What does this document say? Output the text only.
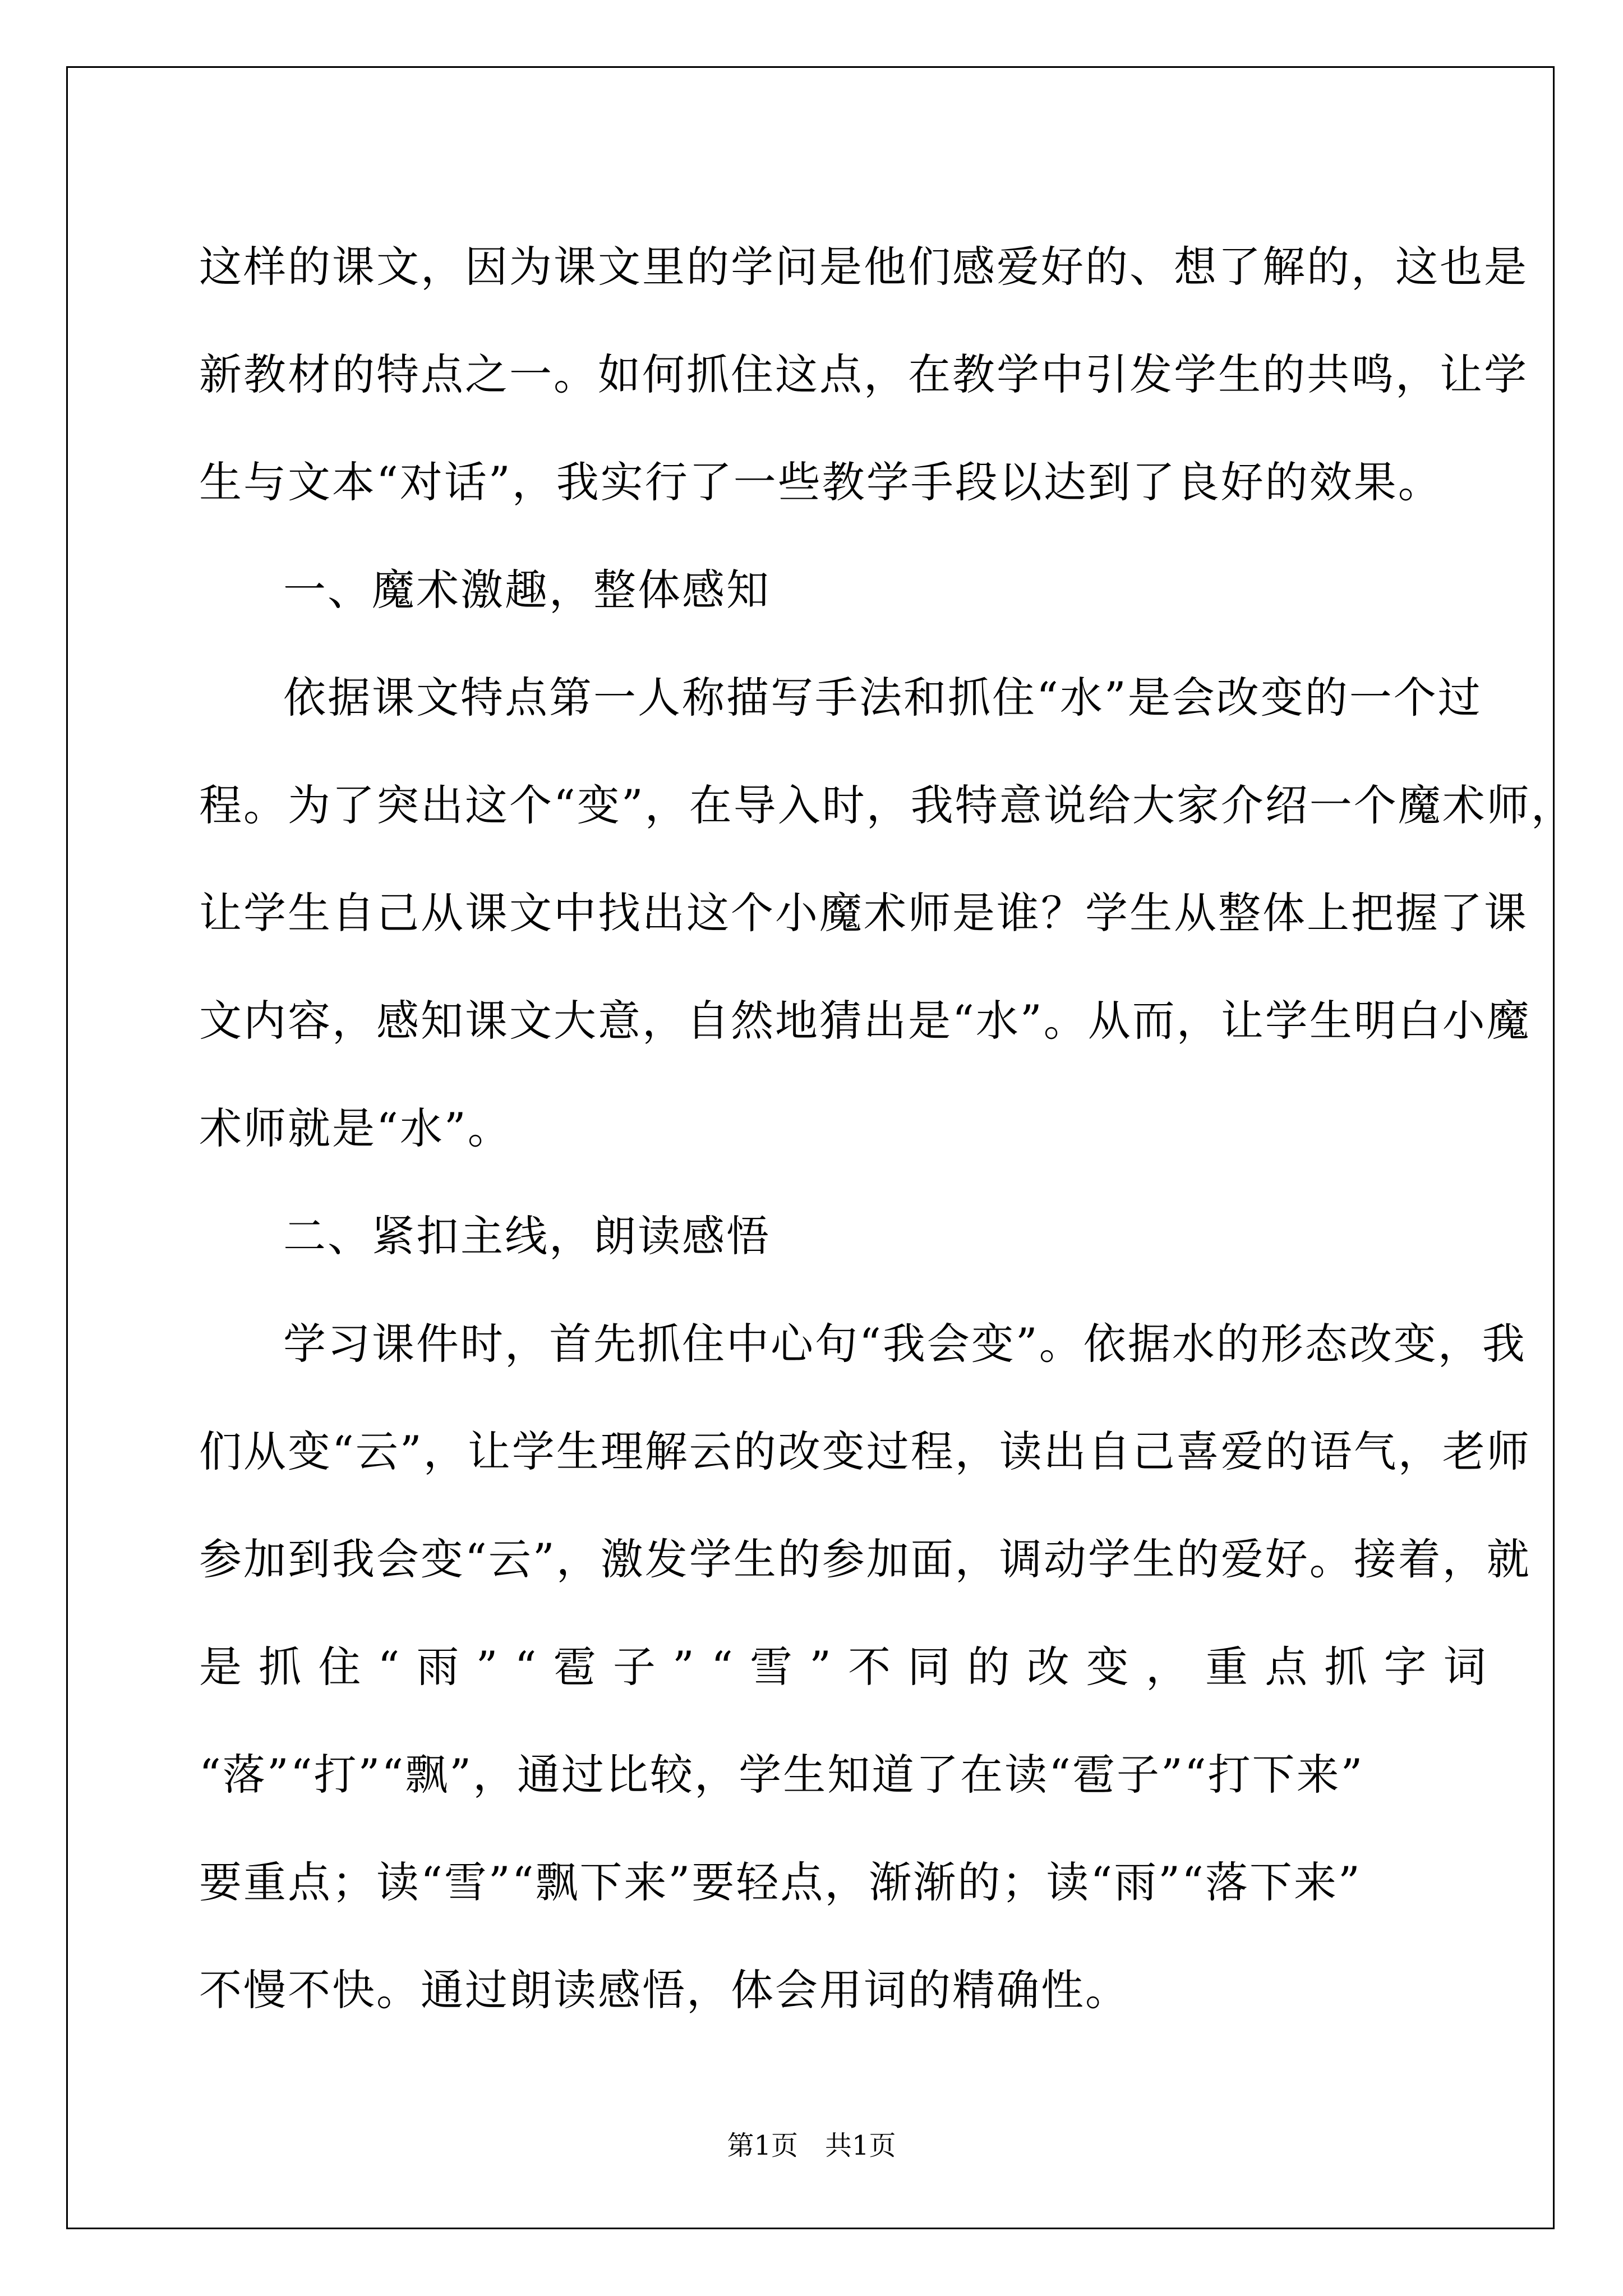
这样的课文，因为课文里的学问是他们感爱好的、想了解的，这也是
新教材的特点之一。如何抓住这点，在教学中引发学生的共鸣，让学
生与文本“对话”，我实行了一些教学手段以达到了良好的效果。
一、魔术激趣，整体感知
依据课文特点第一人称描写手法和抓住“水”是会改变的一个过
程。为了突出这个“变”，在导入时，我特意说给大家介绍一个魔术师，
让学生自己从课文中找出这个小魔术师是谁？学生从整体上把握了课
文内容，感知课文大意，自然地猜出是“水”。从而，让学生明白小魔
术师就是“水”。
二、紧扣主线，朗读感悟
学习课件时，首先抓住中心句“我会变”。依据水的形态改变，我
们从变“云”，让学生理解云的改变过程，读出自己喜爱的语气，老师
参加到我会变“云”，激发学生的参加面，调动学生的爱好。接着，就
是 抓 住 “ 雨 ” “ 雹 子 ” “ 雪 ” 不 同 的 改 变 ， 重 点 抓 字 词
“落”“打”“飘”，通过比较，学生知道了在读“雹子”“打下来”
要重点；读“雪”“飘下来”要轻点，渐渐的；读“雨”“落下来”
不慢不快。通过朗读感悟，体会用词的精确性。
第1页　共1页
